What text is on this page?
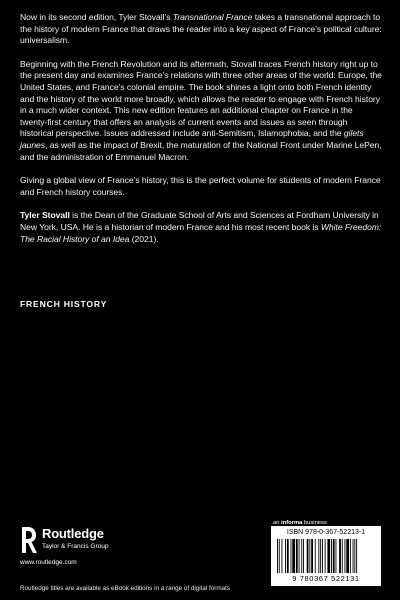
Now in its second edition, Tyler Stovall’s Transnational France takes a transnational approach to the history of modern France that draws the reader into a key aspect of France’s political culture: universalism.

Beginning with the French Revolution and its aftermath, Stovall traces French history right up to the present day and examines France’s relations with three other areas of the world: Europe, the United States, and France’s colonial empire. The book shines a light onto both French identity and the history of the world more broadly, which allows the reader to engage with French history in a much wider context. This new edition features an additional chapter on France in the twenty-first century that offers an analysis of current events and issues as seen through historical perspective. Issues addressed include anti-Semitism, Islamophobia, and the gilets jaunes, as well as the impact of Brexit, the maturation of the National Front under Marine LePen, and the administration of Emmanuel Macron.

Giving a global view of France’s history, this is the perfect volume for students of modern France and French history courses.

Tyler Stovall is the Dean of the Graduate School of Arts and Sciences at Fordham University in New York, USA. He is a historian of modern France and his most recent book is White Freedom: The Racial History of an Idea (2021).

FRENCH HISTORY
Routledge
Taylor & Francis Group
www.routledge.com
Routledge titles are available as eBook editions in a range of digital formats
an informa business
ISBN 978-0-367-52213-1
9 780367 522131
